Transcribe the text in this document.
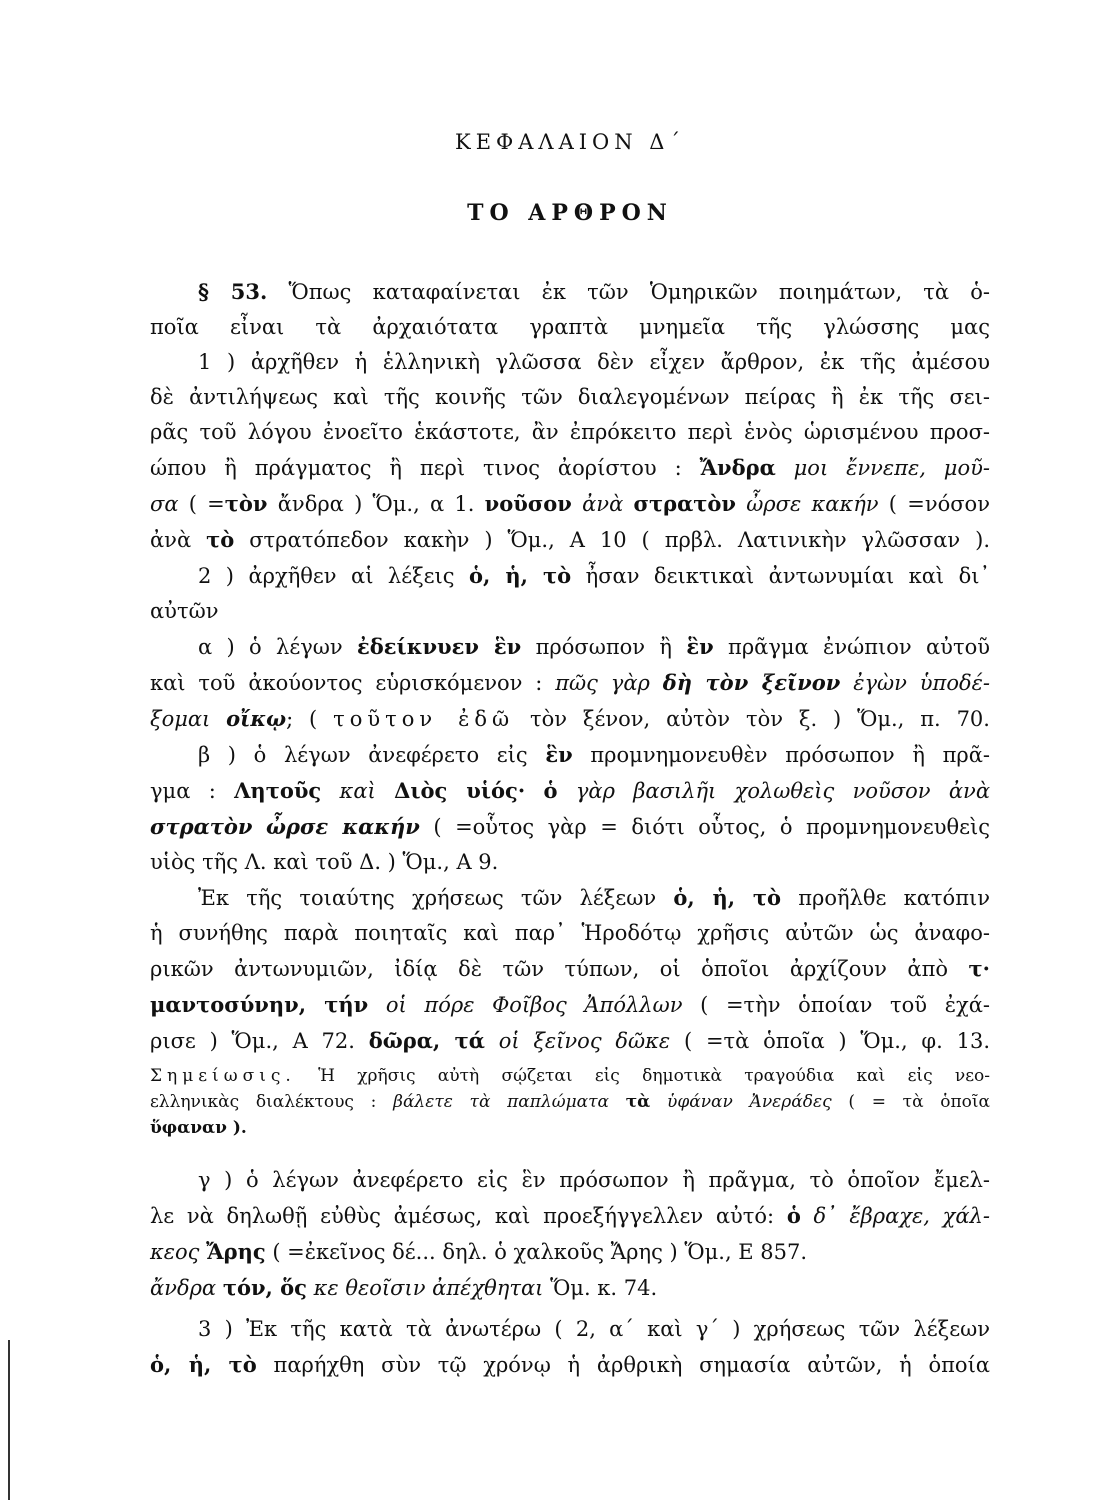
ΚΕΦΑΛΑΙΟΝ Δ΄
ΤΟ ΑΡΘΡΟΝ
§ 53. Ὅπως καταφαίνεται ἐκ τῶν Ὁμηρικῶν ποιημάτων, τὰ ὁ-
ποῖα εἶναι τὰ ἀρχαιότατα γραπτὰ μνημεῖα τῆς γλώσσης μας
1 ) ἀρχῆθεν ἡ ἑλληνικὴ γλῶσσα δὲν εἶχεν ἄρθρον, ἐκ τῆς ἀμέσου
δὲ ἀντιλήψεως καὶ τῆς κοινῆς τῶν διαλεγομένων πείρας ἢ ἐκ τῆς σει-
ρᾶς τοῦ λόγου ἐνοεῖτο ἑκάστοτε, ἂν ἐπρόκειτο περὶ ἑνὸς ὡρισμένου προσ-
ώπου ἢ πράγματος ἢ περὶ τινος ἀορίστου : Ἄνδρα μοι ἔννεπε, μοῦ-
σα ( =τὸν ἄνδρα ) Ὅμ., α 1. νοῦσον ἀνὰ στρατὸν ὦρσε κακήν ( =νόσον
ἀνὰ τὸ στρατόπεδον κακὴν ) Ὅμ., Α 10 ( πρβλ. Λατινικὴν γλῶσσαν ).
2 ) ἀρχῆθεν αἱ λέξεις ὁ, ἡ, τὸ ἦσαν δεικτικαὶ ἀντωνυμίαι καὶ δι᾽
αὐτῶν
α ) ὁ λέγων ἐδείκνυεν ἓν πρόσωπον ἢ ἓν πρᾶγμα ἐνώπιον αὐτοῦ
καὶ τοῦ ἀκούοντος εὑρισκόμενον : πῶς γὰρ δὴ τὸν ξεῖνον ἐγὼν ὑποδέ-
ξομαι οἴκῳ; ( τοῦτον ἐδῶ τὸν ξένον, αὐτὸν τὸν ξ. ) Ὅμ., π. 70.
β ) ὁ λέγων ἀνεφέρετο εἰς ἓν προμνημονευθὲν πρόσωπον ἢ πρᾶ-
γμα : Λητοῦς καὶ Διὸς υἱός· ὁ γὰρ βασιλῆι χολωθεὶς νοῦσον ἀνὰ
στρατὸν ὦρσε κακήν ( =οὗτος γὰρ = διότι οὗτος, ὁ προμνημονευθεὶς
υἱὸς τῆς Λ. καὶ τοῦ Δ. ) Ὅμ., Α 9.
Ἐκ τῆς τοιαύτης χρήσεως τῶν λέξεων ὁ, ἡ, τὸ προῆλθε κατόπιν
ἡ συνήθης παρὰ ποιηταῖς καὶ παρ᾽ Ἡροδότῳ χρῆσις αὐτῶν ὡς ἀναφο-
ρικῶν ἀντωνυμιῶν, ἰδίᾳ δὲ τῶν τύπων, οἱ ὁποῖοι ἀρχίζουν ἀπὸ τ·
μαντοσύνην, τήν οἱ πόρε Φοῖβος Ἀπόλλων ( =τὴν ὁποίαν τοῦ ἐχά-
ρισε ) Ὅμ., Α 72. δῶρα, τά οἱ ξεῖνος δῶκε ( =τὰ ὁποῖα ) Ὅμ., φ. 13.
Σημείωσις. Ἡ χρῆσις αὐτὴ σῴζεται εἰς δημοτικὰ τραγούδια καὶ εἰς νεο-
ελληνικὰς διαλέκτους : βάλετε τὰ παπλώματα τὰ ὑφάναν Ἀνεράδες ( = τὰ ὁποῖα
ὕφαναν ).
γ ) ὁ λέγων ἀνεφέρετο εἰς ἓν πρόσωπον ἢ πρᾶγμα, τὸ ὁποῖον ἔμελ-
λε νὰ δηλωθῇ εὐθὺς ἀμέσως, καὶ προεξήγγελλεν αὐτό: ὁ δ᾽ ἔβραχε, χάλ-
κεος Ἄρης ( =ἐκεῖνος δέ... δηλ. ὁ χαλκοῦς Ἄρης ) Ὅμ., Ε 857.
ἄνδρα τόν, ὅς κε θεοῖσιν ἀπέχθηται Ὅμ. κ. 74.
3 ) Ἐκ τῆς κατὰ τὰ ἀνωτέρω ( 2, α΄ καὶ γ΄ ) χρήσεως τῶν λέξεων
ὁ, ἡ, τὸ παρήχθη σὺν τῷ χρόνῳ ἡ ἀρθρικὴ σημασία αὐτῶν, ἡ ὁποία
